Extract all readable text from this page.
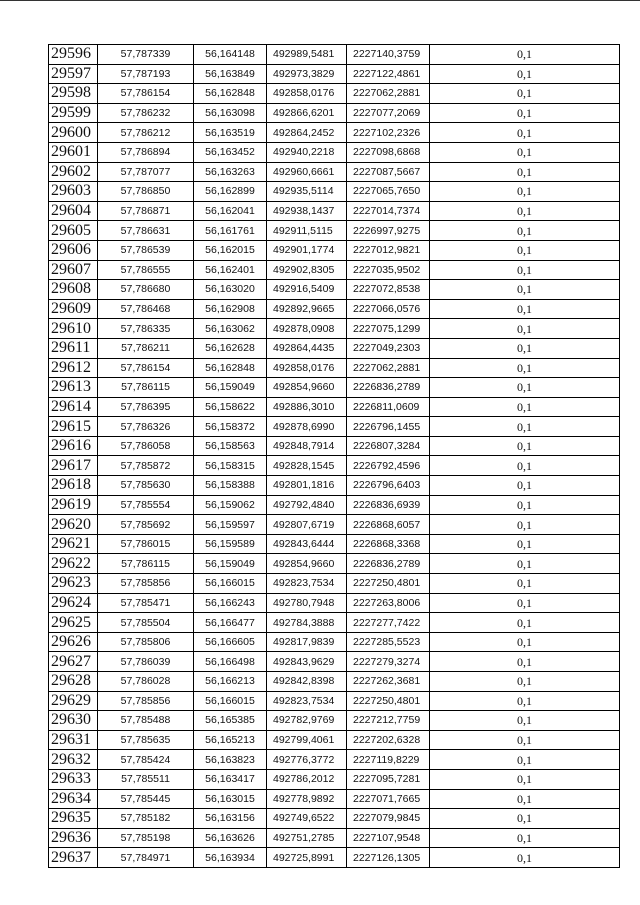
29596	57,787339	56,164148	492989,5481	2227140,3759	0,1
29597	57,787193	56,163849	492973,3829	2227122,4861	0,1
29598	57,786154	56,162848	492858,0176	2227062,2881	0,1
29599	57,786232	56,163098	492866,6201	2227077,2069	0,1
29600	57,786212	56,163519	492864,2452	2227102,2326	0,1
29601	57,786894	56,163452	492940,2218	2227098,6868	0,1
29602	57,787077	56,163263	492960,6661	2227087,5667	0,1
29603	57,786850	56,162899	492935,5114	2227065,7650	0,1
29604	57,786871	56,162041	492938,1437	2227014,7374	0,1
29605	57,786631	56,161761	492911,5115	2226997,9275	0,1
29606	57,786539	56,162015	492901,1774	2227012,9821	0,1
29607	57,786555	56,162401	492902,8305	2227035,9502	0,1
29608	57,786680	56,163020	492916,5409	2227072,8538	0,1
29609	57,786468	56,162908	492892,9665	2227066,0576	0,1
29610	57,786335	56,163062	492878,0908	2227075,1299	0,1
29611	57,786211	56,162628	492864,4435	2227049,2303	0,1
29612	57,786154	56,162848	492858,0176	2227062,2881	0,1
29613	57,786115	56,159049	492854,9660	2226836,2789	0,1
29614	57,786395	56,158622	492886,3010	2226811,0609	0,1
29615	57,786326	56,158372	492878,6990	2226796,1455	0,1
29616	57,786058	56,158563	492848,7914	2226807,3284	0,1
29617	57,785872	56,158315	492828,1545	2226792,4596	0,1
29618	57,785630	56,158388	492801,1816	2226796,6403	0,1
29619	57,785554	56,159062	492792,4840	2226836,6939	0,1
29620	57,785692	56,159597	492807,6719	2226868,6057	0,1
29621	57,786015	56,159589	492843,6444	2226868,3368	0,1
29622	57,786115	56,159049	492854,9660	2226836,2789	0,1
29623	57,785856	56,166015	492823,7534	2227250,4801	0,1
29624	57,785471	56,166243	492780,7948	2227263,8006	0,1
29625	57,785504	56,166477	492784,3888	2227277,7422	0,1
29626	57,785806	56,166605	492817,9839	2227285,5523	0,1
29627	57,786039	56,166498	492843,9629	2227279,3274	0,1
29628	57,786028	56,166213	492842,8398	2227262,3681	0,1
29629	57,785856	56,166015	492823,7534	2227250,4801	0,1
29630	57,785488	56,165385	492782,9769	2227212,7759	0,1
29631	57,785635	56,165213	492799,4061	2227202,6328	0,1
29632	57,785424	56,163823	492776,3772	2227119,8229	0,1
29633	57,785511	56,163417	492786,2012	2227095,7281	0,1
29634	57,785445	56,163015	492778,9892	2227071,7665	0,1
29635	57,785182	56,163156	492749,6522	2227079,9845	0,1
29636	57,785198	56,163626	492751,2785	2227107,9548	0,1
29637	57,784971	56,163934	492725,8991	2227126,1305	0,1
